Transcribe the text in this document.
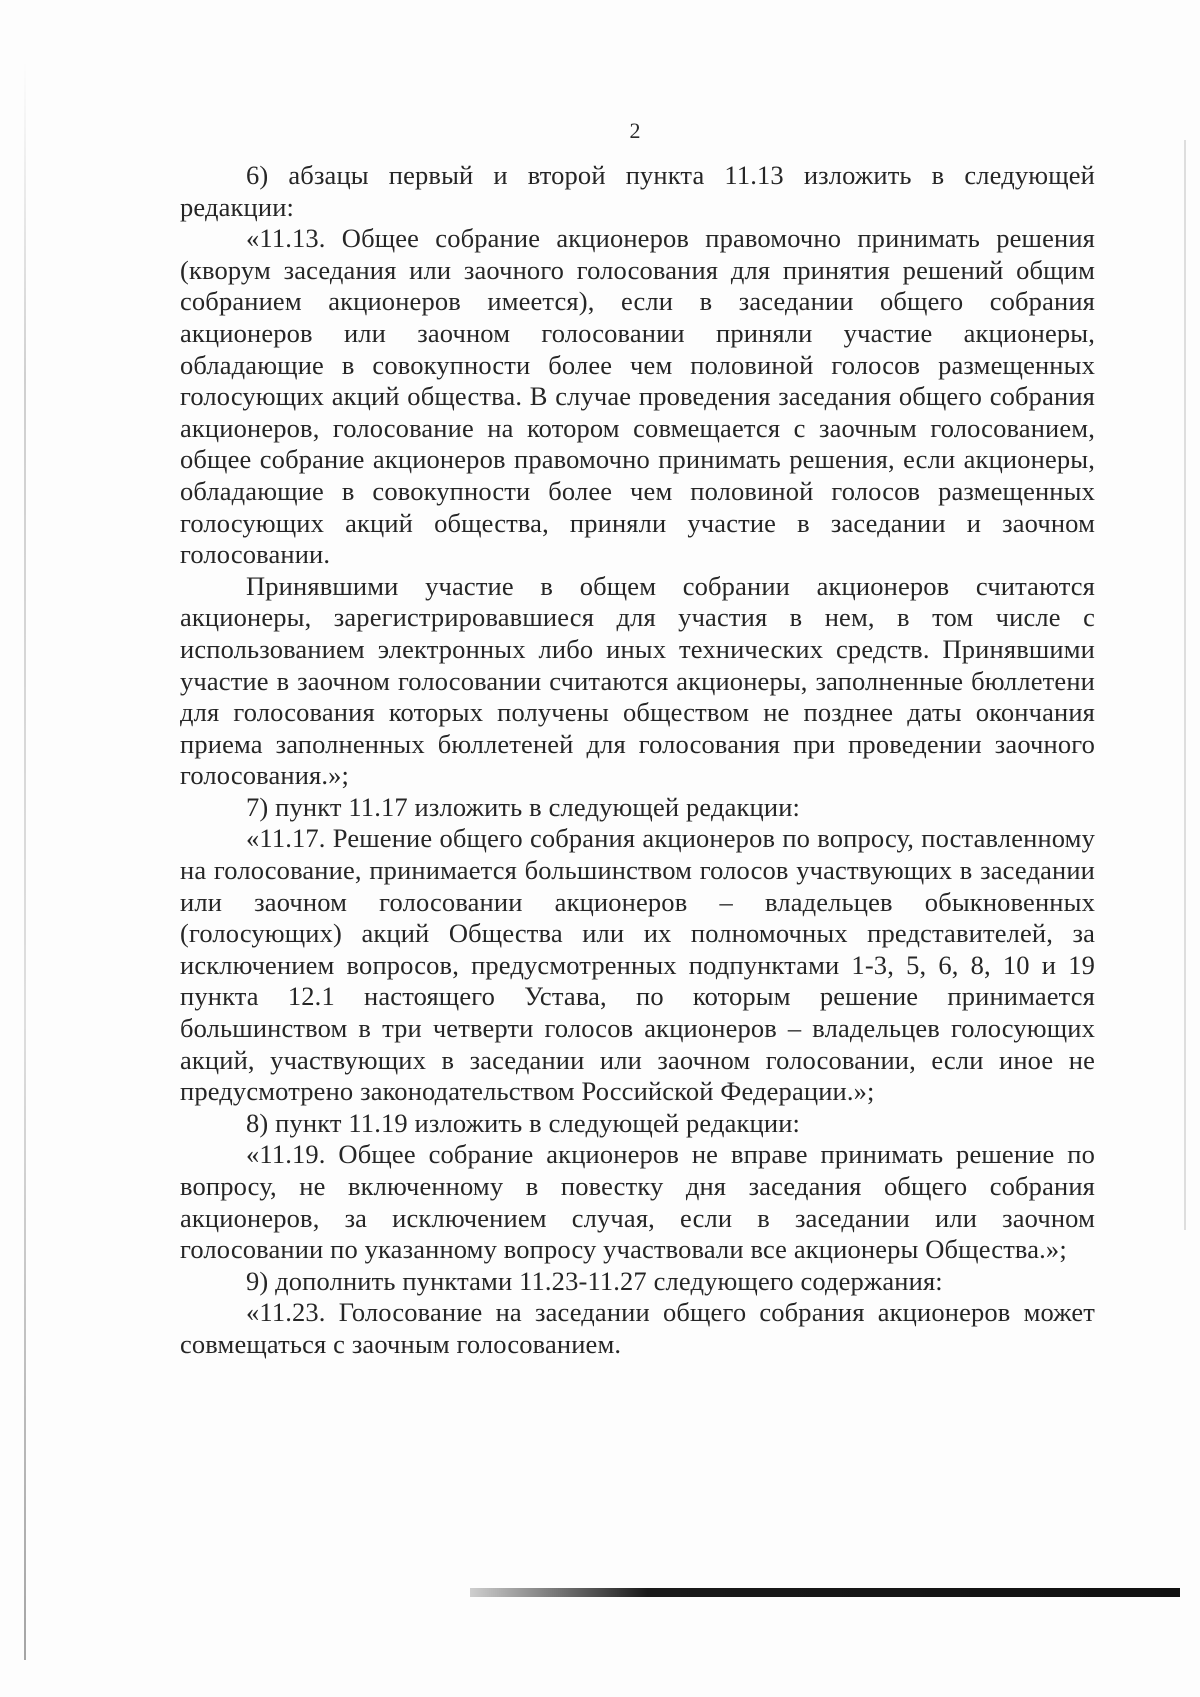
2

6) абзацы первый и второй пункта 11.13 изложить в следующей редакции:

«11.13. Общее собрание акционеров правомочно принимать решения (кворум заседания или заочного голосования для принятия решений общим собранием акционеров имеется), если в заседании общего собрания акционеров или заочном голосовании приняли участие акционеры, обладающие в совокупности более чем половиной голосов размещенных голосующих акций общества. В случае проведения заседания общего собрания акционеров, голосование на котором совмещается с заочным голосованием, общее собрание акционеров правомочно принимать решения, если акционеры, обладающие в совокупности более чем половиной голосов размещенных голосующих акций общества, приняли участие в заседании и заочном голосовании.

Принявшими участие в общем собрании акционеров считаются акционеры, зарегистрировавшиеся для участия в нем, в том числе с использованием электронных либо иных технических средств. Принявшими участие в заочном голосовании считаются акционеры, заполненные бюллетени для голосования которых получены обществом не позднее даты окончания приема заполненных бюллетеней для голосования при проведении заочного голосования.»;

7) пункт 11.17 изложить в следующей редакции:

«11.17. Решение общего собрания акционеров по вопросу, поставленному на голосование, принимается большинством голосов участвующих в заседании или заочном голосовании акционеров – владельцев обыкновенных (голосующих) акций Общества или их полномочных представителей, за исключением вопросов, предусмотренных подпунктами 1-3, 5, 6, 8, 10 и 19 пункта 12.1 настоящего Устава, по которым решение принимается большинством в три четверти голосов акционеров – владельцев голосующих акций, участвующих в заседании или заочном голосовании, если иное не предусмотрено законодательством Российской Федерации.»;

8) пункт 11.19 изложить в следующей редакции:

«11.19. Общее собрание акционеров не вправе принимать решение по вопросу, не включенному в повестку дня заседания общего собрания акционеров, за исключением случая, если в заседании или заочном голосовании по указанному вопросу участвовали все акционеры Общества.»;

9) дополнить пунктами 11.23-11.27 следующего содержания:

«11.23. Голосование на заседании общего собрания акционеров может совмещаться с заочным голосованием.
